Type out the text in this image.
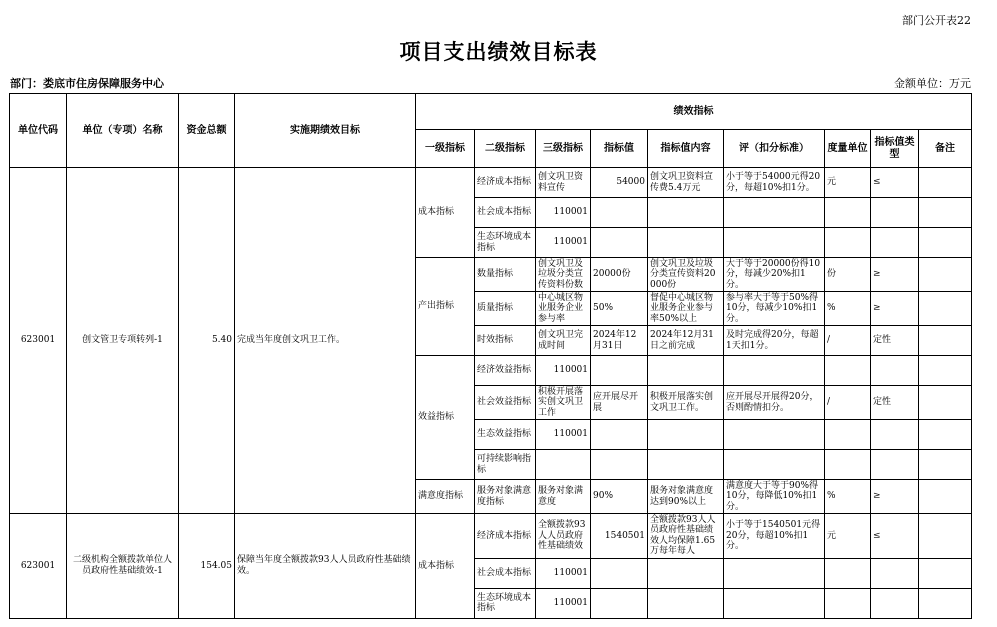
部门公开表22
项目支出绩效目标表
部门：娄底市住房保障服务中心	金额单位：万元
单位代码	单位（专项）名称	资金总额	实施期绩效目标	绩效指标								
				一级指标	二级指标	三级指标	指标值	指标值内容	评（扣分标准）	度量单位	指标值类型	备注
623001	创文管卫专项转列-1	5.40	完成当年度创文巩卫工作。	成本指标	经济成本指标	创文巩卫资料宣传	54000	创文巩卫资料宣传费5.4万元	小于等于54000元得20分，每超10%扣1分。	元	≤	
					社会成本指标	110001						
					生态环境成本指标	110001						
				产出指标	数量指标	创文巩卫及垃圾分类宣传资料份数	20000份	创文巩卫及垃圾分类宣传资料20000份	大于等于20000份得10分，每减少20%扣1分。	份	≥	
					质量指标	中心城区物业服务企业参与率	50%	督促中心城区物业服务企业参与率50%以上	参与率大于等于50%得10分，每减少10%扣1分。	%	≥	
					时效指标	创文巩卫完成时间	2024年12月31日	2024年12月31日之前完成	及时完成得20分，每超1天扣1分。	/	定性	
				效益指标	经济效益指标	110001						
					社会效益指标	积极开展落实创文巩卫工作	应开展尽开展	积极开展落实创文巩卫工作。	应开展尽开展得20分，否则酌情扣分。	/	定性	
					生态效益指标	110001						
					可持续影响指标							
				满意度指标	服务对象满意度指标	服务对象满意度	90%	服务对象满意度达到90%以上	满意度大于等于90%得10分，每降低10%扣1分。	%	≥	
623001	二级机构全额拨款单位人员政府性基础绩效-1	154.05	保障当年度全额拨款93人人员政府性基础绩效。	成本指标	经济成本指标	全额拨款93人人员政府性基础绩效	1540501	全额拨款93人人员政府性基础绩效人均保障1.65万每年每人	小于等于1540501元得20分，每超10%扣1分。	元	≤	
					社会成本指标	110001						
					生态环境成本指标	110001						
